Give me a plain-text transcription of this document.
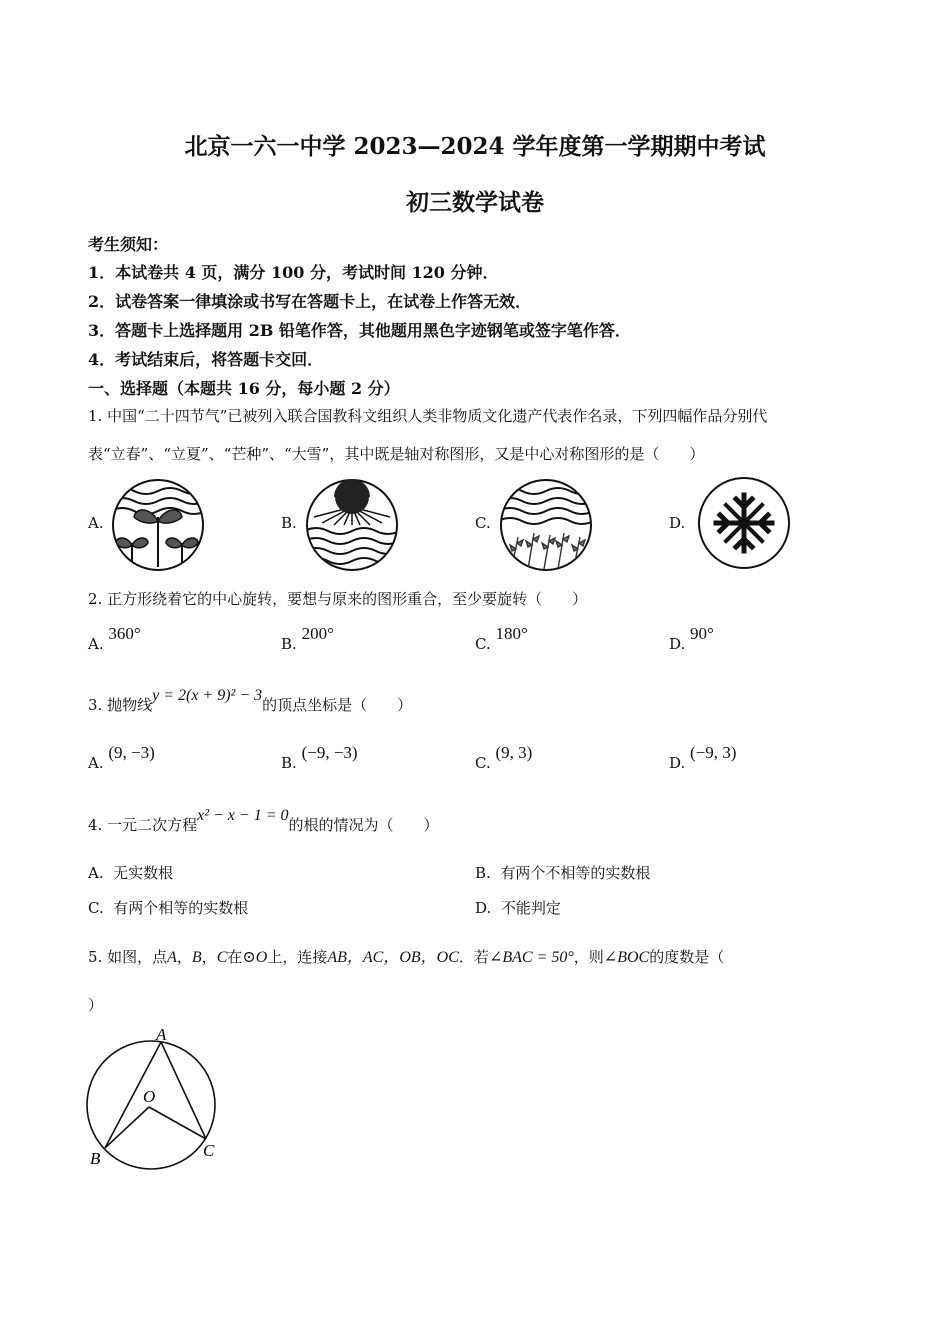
北京一六一中学 2023—2024 学年度第一学期期中考试
初三数学试卷
考生须知：
1．本试卷共 4 页，满分 100 分，考试时间 120 分钟．
2．试卷答案一律填涂或书写在答题卡上，在试卷上作答无效．
3．答题卡上选择题用 2B 铅笔作答，其他题用黑色字迹钢笔或签字笔作答．
4．考试结束后，将答题卡交回．
一、选择题（本题共 16 分，每小题 2 分）
1. 中国“二十四节气”已被列入联合国教科文组织人类非物质文化遗产代表作名录，下列四幅作品分别代
表“立春”、“立夏”、“芒种”、“大雪”，其中既是轴对称图形，又是中心对称图形的是（　　）
A.	B.	C.	D.
2. 正方形绕着它的中心旋转，要想与原来的图形重合，至少要旋转（　　）
A. 360°
B. 200°
C. 180°
D. 90°
3. 抛物线y = 2(x + 9)² − 3的顶点坐标是（　　）
A. (9, −3)
B. (−9, −3)
C. (9, 3)
D. (−9, 3)
4. 一元二次方程x² − x − 1 = 0的根的情况为（　　）
A. 无实数根	B. 有两个不相等的实数根
C. 有两个相等的实数根	D. 不能判定
5. 如图，点A，B，C在⊙O上，连接AB，AC，OB，OC．若∠BAC = 50°，则∠BOC的度数是（
）
A
O
B	C
